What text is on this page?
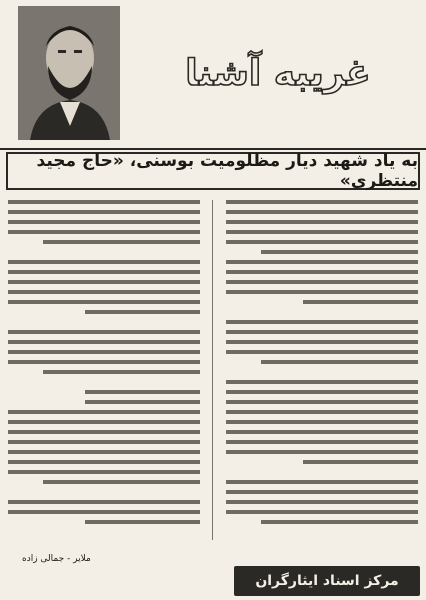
غریبه آشنا
به یاد شهید دیار مظلومیت بوسنی، «حاج مجید منتظری»
ملایر - جمالی زاده
مرکز اسناد ایثارگران
